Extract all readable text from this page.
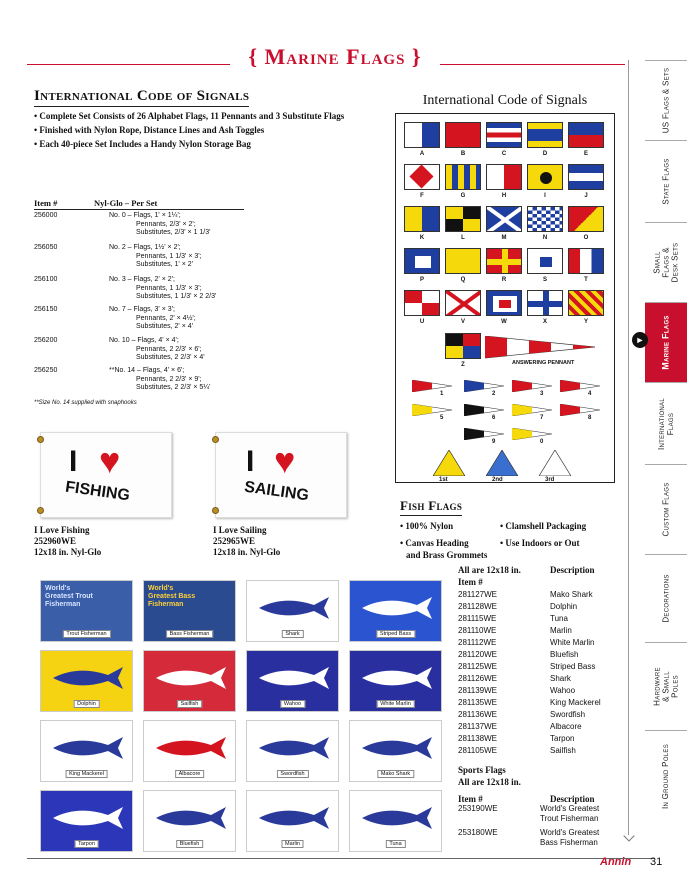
{ Marine Flags }
US Flags & Sets
State Flags
Small Flags & Desk Sets
Marine Flags
International Flags
Custom Flags
Decorations
Hardware & Small Poles
In Ground Poles
►
International Code of Signals
• Complete Set Consists of 26 Alphabet Flags, 11 Pennants and 3 Substitute Flags
• Finished with Nylon Rope, Distance Lines and Ash Toggles
• Each 40-piece Set Includes a Handy Nylon Storage Bag
Item #	Nyl-Glo – Per Set
**Size No. 14 supplied with snaphooks
I ♥
FISHING
I ♥
SAILING
I Love Fishing
252960WE
12x18 in. Nyl-Glo
I Love Sailing
252965WE
12x18 in. Nyl-Glo
International Code of Signals
ANSWERING PENNANT
Fish Flags
• 100% Nylon	• Clamshell Packaging
• Canvas Heading
and Brass Grommets
• Use Indoors or Out
All are 12x18 in.
Item #
Description
281127WE	Mako Shark
281128WE	Dolphin
281115WE	Tuna
281110WE	Marlin
281112WE	White Marlin
281120WE	Bluefish
281125WE	Striped Bass
281126WE	Shark
281139WE	Wahoo
281135WE	King Mackerel
281136WE	Swordfish
281137WE	Albacore
281138WE	Tarpon
281105WE	Sailfish
Sports Flags
All are 12x18 in.
Item #	Description
253190WE	World's Greatest
Trout Fisherman
253180WE	World's Greatest
Bass Fisherman
Annin 31
256000	No. 0 – Flags, 1' × 1¼';
Pennants, 2/3' × 2';
Substitutes, 2/3' × 1 1/3'
256050	No. 2 – Flags, 1½' × 2';
Pennants, 1 1/3' × 3';
Substitutes, 1' × 2'
256100	No. 3 – Flags, 2' × 2';
Pennants, 1 1/3' × 3';
Substitutes, 1 1/3' × 2 2/3'
256150	No. 7 – Flags, 3' × 3';
Pennants, 2' × 4½';
Substitutes, 2' × 4'
256200	No. 10 – Flags, 4' × 4';
Pennants, 2 2/3' × 6';
Substitutes, 2 2/3' × 4'
256250	**No. 14 – Flags, 4' × 6';
Pennants, 2 2/3' × 9';
Substitutes, 2 2/3' × 5¼'
A	B	C	D	E
F	G	H	I	J
K	L	M	N	O
P	Q	R	S	T
U	V	W	X	Y
Z
1	2	3	4
5	6	7	8
9	0
1st	2nd	3rd
World's Greatest Trout Fisherman
Trout Fisherman
World's Greatest Bass Fisherman
Bass Fisherman	Shark	Striped Bass
Dolphin	Sailfish	Wahoo	White Marlin
King Mackerel	Albacore	Swordfish	Mako Shark
Tarpon	Bluefish	Marlin	Tuna
